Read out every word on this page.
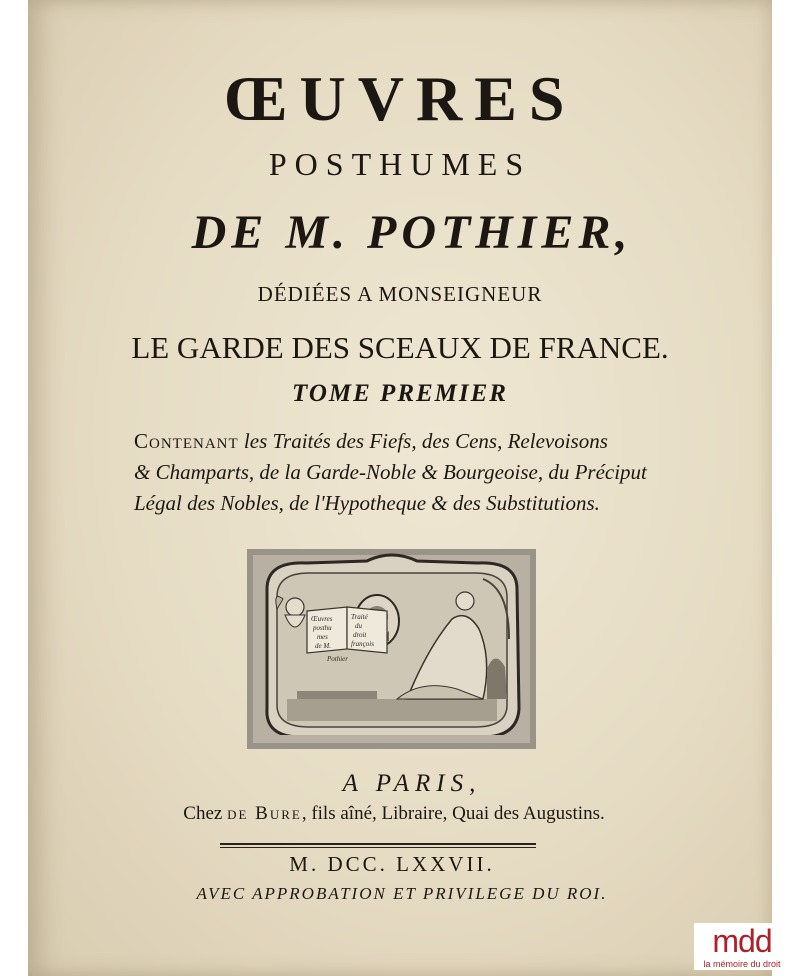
ŒUVRES
POSTHUMES
DE M. POTHIER,
DÉDIÉES A MONSEIGNEUR
LE GARDE DES SCEAUX DE FRANCE.
TOME PREMIER
Contenant les Traités des Fiefs, des Cens, Relevoisons
& Champarts, de la Garde-Noble & Bourgeoise, du Préciput
Légal des Nobles, de l'Hypotheque & des Substitutions.
Œuvres
posthu
mes
de M.
Traité
du
droit
françois
Pothier
A PARIS,
Chez de Bure, fils aîné, Libraire, Quai des Augustins.
M. DCC. LXXVII.
AVEC APPROBATION ET PRIVILEGE DU ROI.
mdd
la mémoire du droit
